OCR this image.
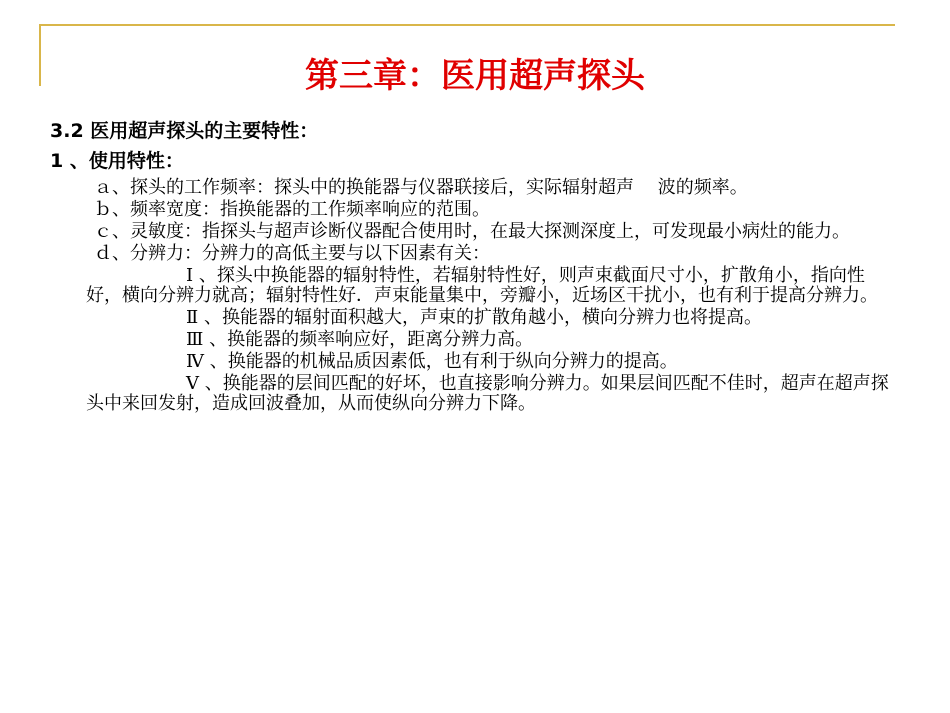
第三章：医用超声探头
3.2 医用超声探头的主要特性：
1 、使用特性：

ａ、探头的工作频率：探头中的换能器与仪器联接后，实际辐射超声　 波的频率。

ｂ、频率宽度：指换能器的工作频率响应的范围。

ｃ、灵敏度：指探头与超声诊断仪器配合使用时，在最大探测深度上，可发现最小病灶的能力。

ｄ、分辨力：分辨力的高低主要与以下因素有关：

Ⅰ 、探头中换能器的辐射特性，若辐射特性好，则声束截面尺寸小，扩散角小，指向性好，横向分辨力就高；辐射特性好．声束能量集中，旁瓣小，近场区干扰小，也有利于提高分辨力。

Ⅱ 、换能器的辐射面积越大，声束的扩散角越小，横向分辨力也将提高。

Ⅲ 、换能器的频率响应好，距离分辨力高。

Ⅳ 、换能器的机械品质因素低，也有利于纵向分辨力的提高。

Ⅴ 、换能器的层间匹配的好坏，也直接影响分辨力。如果层间匹配不佳时，超声在超声探头中来回发射，造成回波叠加，从而使纵向分辨力下降。
